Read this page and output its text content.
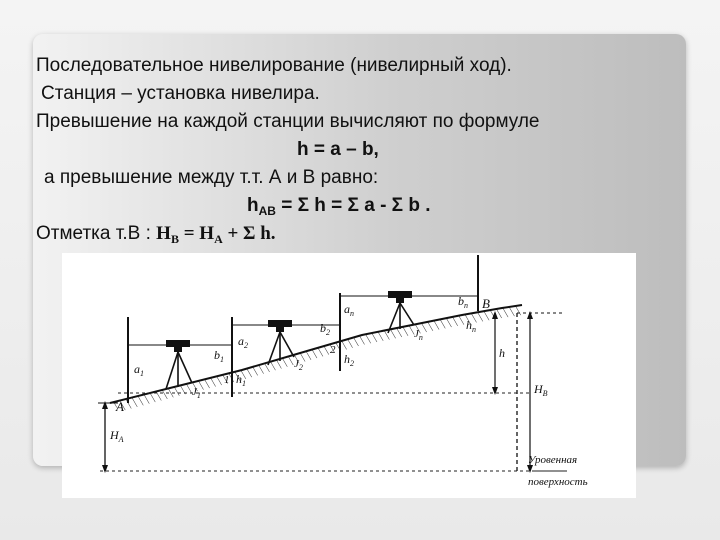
Последовательное нивелирование (нивелирный ход).
Станция – установка нивелира.
Превышение на каждой станции вычисляют по формуле
h = a – b,
а превышение между т.т. А и В равно:
$h_{AB} = \Sigma$ h = Σ a - Σ b .
Отметка т.В : $H_B = H_A + \Sigma$ h.
$a_1$
$b_1$
$a_2$
$b_2$
$a_n$
$b_n$
$h_1$
$h_2$
$h_n$
$J_1$
$J_2$
$J_n$
1
2
A
B
$H_A$
h
$H_B$
Уровенная
поверхность
